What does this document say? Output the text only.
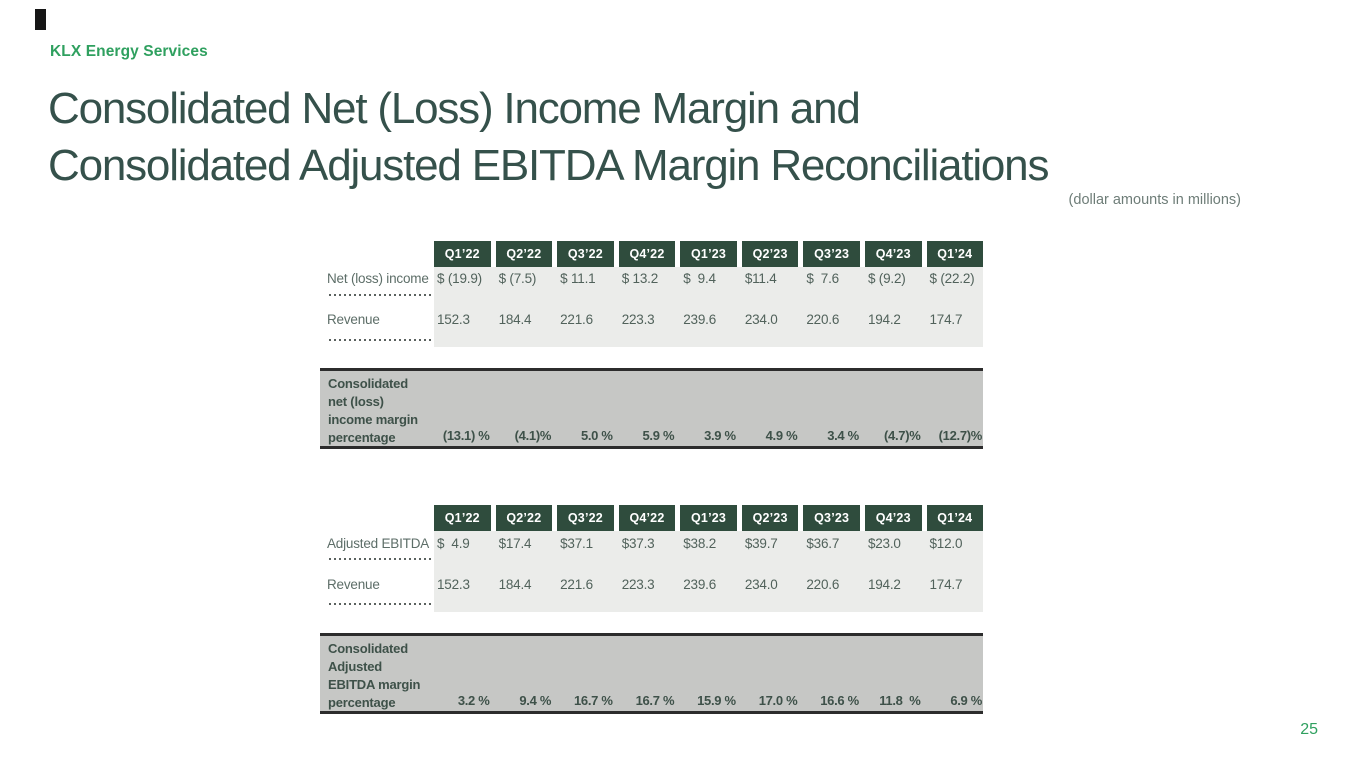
KLX Energy Services
Consolidated Net (Loss) Income Margin and
Consolidated Adjusted EBITDA Margin Reconciliations
(dollar amounts in millions)
Q1’22	Q2’22	Q3’22	Q4’22	Q1’23	Q2’23	Q3’23	Q4’23	Q1’24
Net (loss) income $ (19.9)	$ (7.5)	$ 11.1	$ 13.2	$  9.4	$11.4	$  7.6	$ (9.2)	$ (22.2)
Revenue	152.3	184.4	221.6	223.3	239.6	234.0	220.6	194.2	174.7
Consolidated
net (loss)
income margin
percentage	(13.1) %	(4.1)%	5.0 %	5.9 %	3.9 %	4.9 %	3.4 %	(4.7)%	(12.7)%
Q1’22	Q2’22	Q3’22	Q4’22	Q1’23	Q2’23	Q3’23	Q4’23	Q1’24
Adjusted EBITDA $  4.9	$17.4	$37.1	$37.3	$38.2	$39.7	$36.7	$23.0	$12.0
Revenue	152.3	184.4	221.6	223.3	239.6	234.0	220.6	194.2	174.7
Consolidated
Adjusted
EBITDA margin
percentage	3.2 %	9.4 %	16.7 %	16.7 %	15.9 %	17.0 %	16.6 %	11.8  %	6.9 %
25
